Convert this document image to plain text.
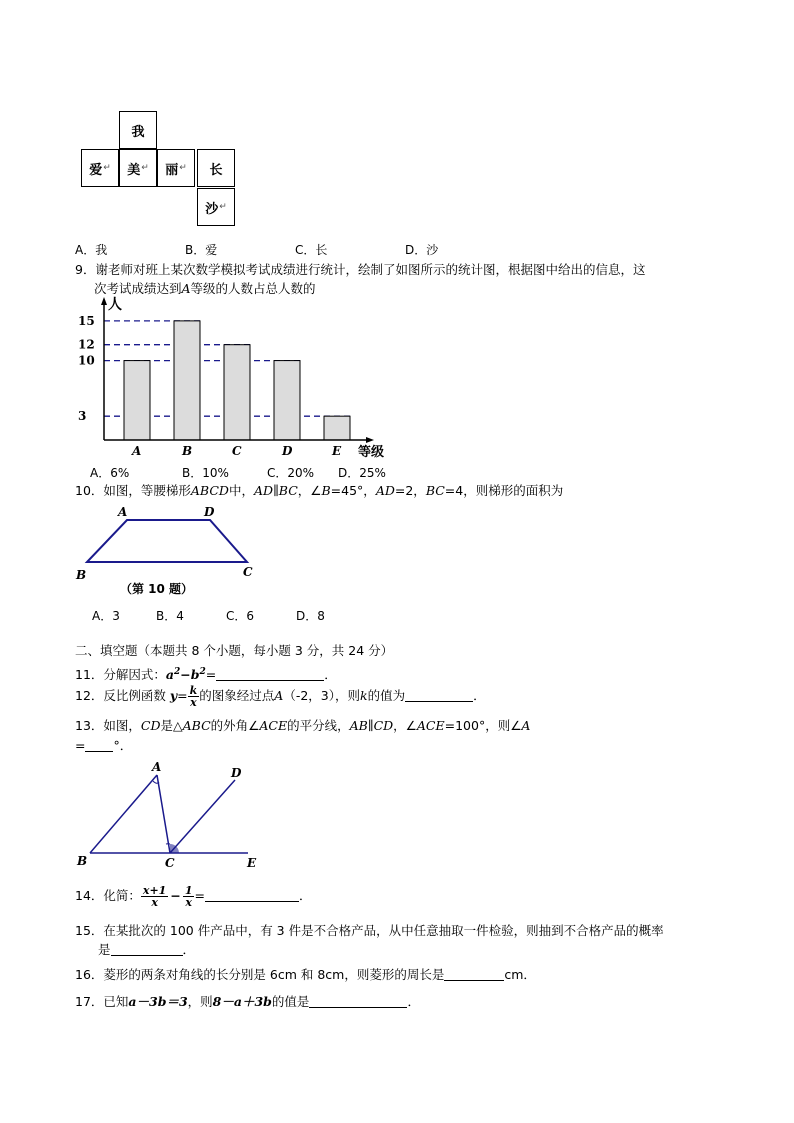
我
爱 ↵ 美 ↵ 丽 ↵ 长
沙 ↵
A．我	B．爱	C．长	D．沙
9．谢老师对班上某次数学模拟考试成绩进行统计，绘制了如图所示的统计图，根据图中给出的信息，这
次考试成绩达到A等级的人数占总人数的
3
10
12
15
A	B	C	D	E
人
等级
A．6%	B．10%	C．20% D．25%
10．如图，等腰梯形ABCD中，AD∥BC，∠B=45°，AD=2，BC=4，则梯形的面积为
A	D
B	C
（第 10 题）
A．3	B．4	C．6	D．8
二、填空题（本题共 8 个小题，每小题 3 分，共 24 分）
11．分解因式：$a^2-b^2=$	．
12．反比例函数 $y= \frac{k}{x}$ 的图象经过点A（-2，3），则k的值为	．
13．如图，CD是△ABC的外角∠ACE的平分线，AB∥CD，∠ACE=100°，则∠A
= °．
A	D
B	C	E
14．化简： $\frac{x+1}{x} - \frac{1}{x}$ =	．
15．在某批次的 100 件产品中，有 3 件是不合格产品，从中任意抽取一件检验，则抽到不合格产品的概率
是	．
16．菱形的两条对角线的长分别是 6cm 和 8cm，则菱形的周长是	cm．
17．已知a－3b＝3，则8－a＋3b的值是	．
